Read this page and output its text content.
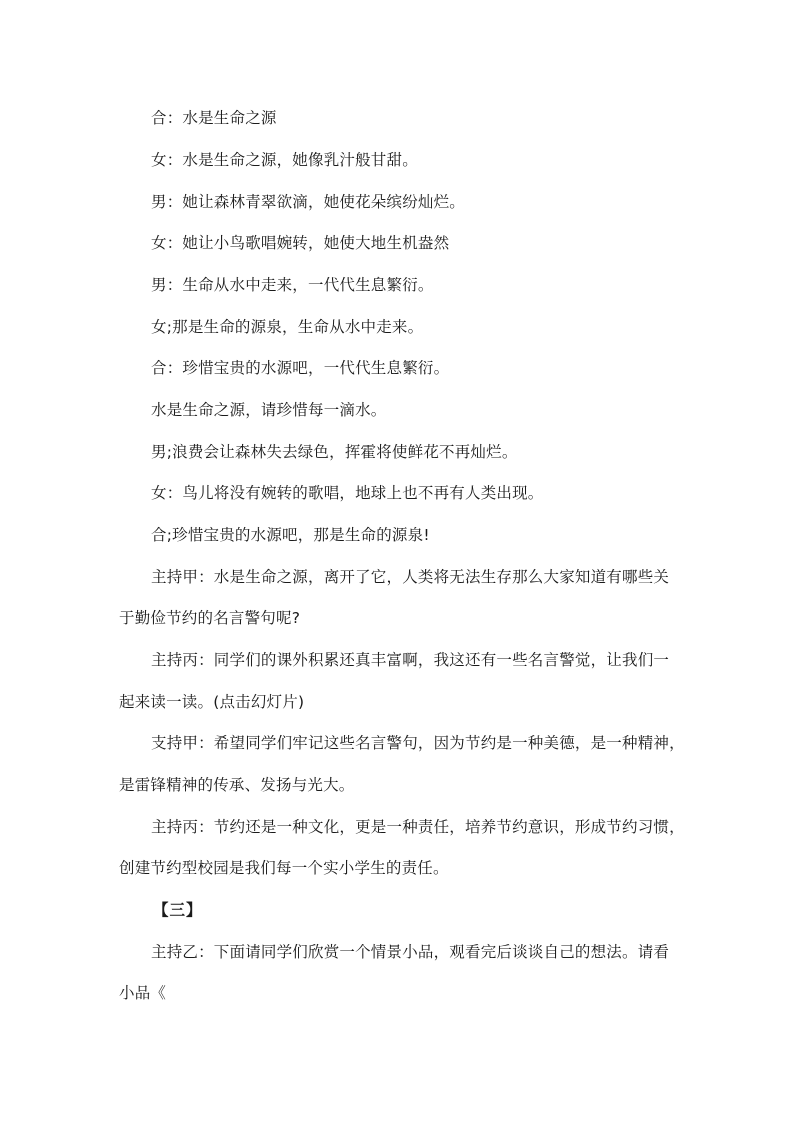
合：水是生命之源
女：水是生命之源，她像乳汁般甘甜。
男：她让森林青翠欲滴，她使花朵缤纷灿烂。
女：她让小鸟歌唱婉转，她使大地生机盎然
男：生命从水中走来，一代代生息繁衍。
女;那是生命的源泉，生命从水中走来。
合：珍惜宝贵的水源吧，一代代生息繁衍。
水是生命之源，请珍惜每一滴水。
男;浪费会让森林失去绿色，挥霍将使鲜花不再灿烂。
女：鸟儿将没有婉转的歌唱，地球上也不再有人类出现。
合;珍惜宝贵的水源吧，那是生命的源泉!
主持甲：水是生命之源，离开了它，人类将无法生存那么大家知道有哪些关
于勤俭节约的名言警句呢?
主持丙：同学们的课外积累还真丰富啊，我这还有一些名言警觉，让我们一
起来读一读。(点击幻灯片)
支持甲：希望同学们牢记这些名言警句，因为节约是一种美德，是一种精神，
是雷锋精神的传承、发扬与光大。
主持丙：节约还是一种文化，更是一种责任，培养节约意识，形成节约习惯，
创建节约型校园是我们每一个实小学生的责任。
【三】
主持乙：下面请同学们欣赏一个情景小品，观看完后谈谈自己的想法。请看
小品《
